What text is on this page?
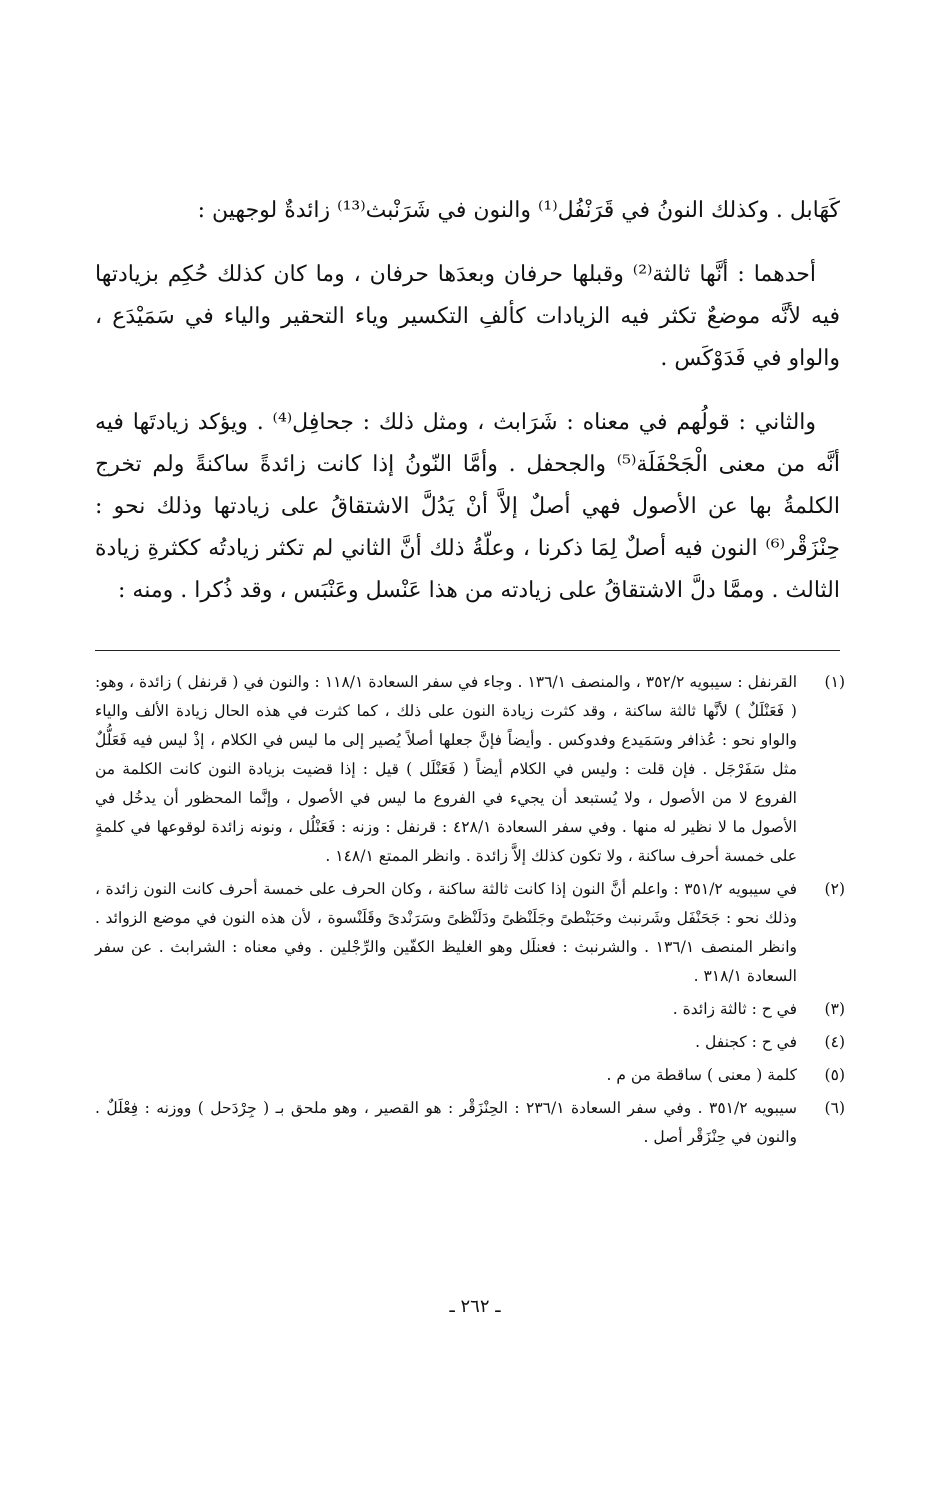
كَهَابل . وكذلك النونُ في قَرَنْفُل⁽¹⁾ والنون في شَرَنْبث⁽¹³⁾ زائدةٌ لوجهين :

أحدهما : أنَّها ثالثة⁽²⁾ وقبلها حرفان وبعدَها حرفان ، وما كان كذلك حُكِم بزيادتها فيه لأنَّه موضعٌ تكثر فيه الزيادات كألفِ التكسير وياء التحقير والياء في سَمَيْدَع ، والواو في فَدَوْكَس .

والثاني : قولُهم في معناه : شَرَابث ، ومثل ذلك : جحافِل⁽⁴⁾ . ويؤكد زيادتَها فيه أنَّه من معنى الْجَحْفَلَة⁽⁵⁾ والجحفل . وأمَّا النّونُ إذا كانت زائدةً ساكنةً ولم تخرج الكلمةُ بها عن الأصول فهي أصلٌ إلاَّ أنْ يَدُلَّ الاشتقاقُ على زيادتها وذلك نحو : حِنْزَقْر⁽⁶⁾ النون فيه أصلٌ لِمَا ذكرنا ، وعلّةُ ذلك أنَّ الثاني لم تكثر زيادتُه ككثرةِ زيادة الثالث . وممَّا دلَّ الاشتقاقُ على زيادته من هذا عَنْسل وعَنْبَس ، وقد ذُكرا . ومنه :

(١)
القرنفل : سيبويه ٣٥٢/٢ ، والمنصف ١٣٦/١ . وجاء في سفر السعادة ١١٨/١ : والنون في ( قرنفل ) زائدة ، وهو: ( فَعَنْلَلٌ ) لأنَّها ثالثة ساكنة ، وقد كثرت زيادة النون على ذلك ، كما كثرت في هذه الحال زيادة الألف والياء والواو نحو : عُذافر وسَمَيدع وفدوكس . وأيضاً فإنَّ جعلها أصلاً يُصير إلى ما ليس في الكلام ، إذْ ليس فيه فَعَلُّلٌ مثل سَفَرْجَل . فإن قلت : وليس في الكلام أيضاً ( فَعَنْلَل ) قيل : إذا قضيت بزيادة النون كانت الكلمة من الفروع لا من الأصول ، ولا يُستبعد أن يجيء في الفروع ما ليس في الأصول ، وإنَّما المحظور أن يدخُل في الأصول ما لا نظير له منها . وفي سفر السعادة ٤٢٨/١ : قرنفل : وزنه : فَعَنْلُل ، ونونه زائدة لوقوعها في كلمةٍ على خمسة أحرف ساكنة ، ولا تكون كذلك إلاَّ زائدة . وانظر الممتع ١٤٨/١ .
(٢)
في سيبويه ٣٥١/٢ : واعلم أنَّ النون إذا كانت ثالثة ساكنة ، وكان الحرف على خمسة أحرف كانت النون زائدة ، وذلك نحو : جَحَنْفَل وشَرنبث وحَبَنْطىً وجَلَنْظىً ودَلَنْظىً وسَرَنْدىً وقَلَنْسوة ، لأن هذه النون في موضع الزوائد . وانظر المنصف ١٣٦/١ . والشرنبث : فعنلَل وهو الغليظ الكفّين والرِّجْلين . وفي معناه : الشرابث . عن سفر السعادة ٣١٨/١ .
(٣)
في ح : ثالثة زائدة .
(٤)
في ح : كجنفل .
(٥)
كلمة ( معنى ) ساقطة من م .
(٦)
سيبويه ٣٥١/٢ . وفي سفر السعادة ٢٣٦/١ : الحِنْزَقْر : هو القصير ، وهو ملحق بـ ( جِرْدَحل ) ووزنه : فِعْلَلٌ . والنون في حِنْزَقْر أصل .
ـ ٢٦٢ ـ
